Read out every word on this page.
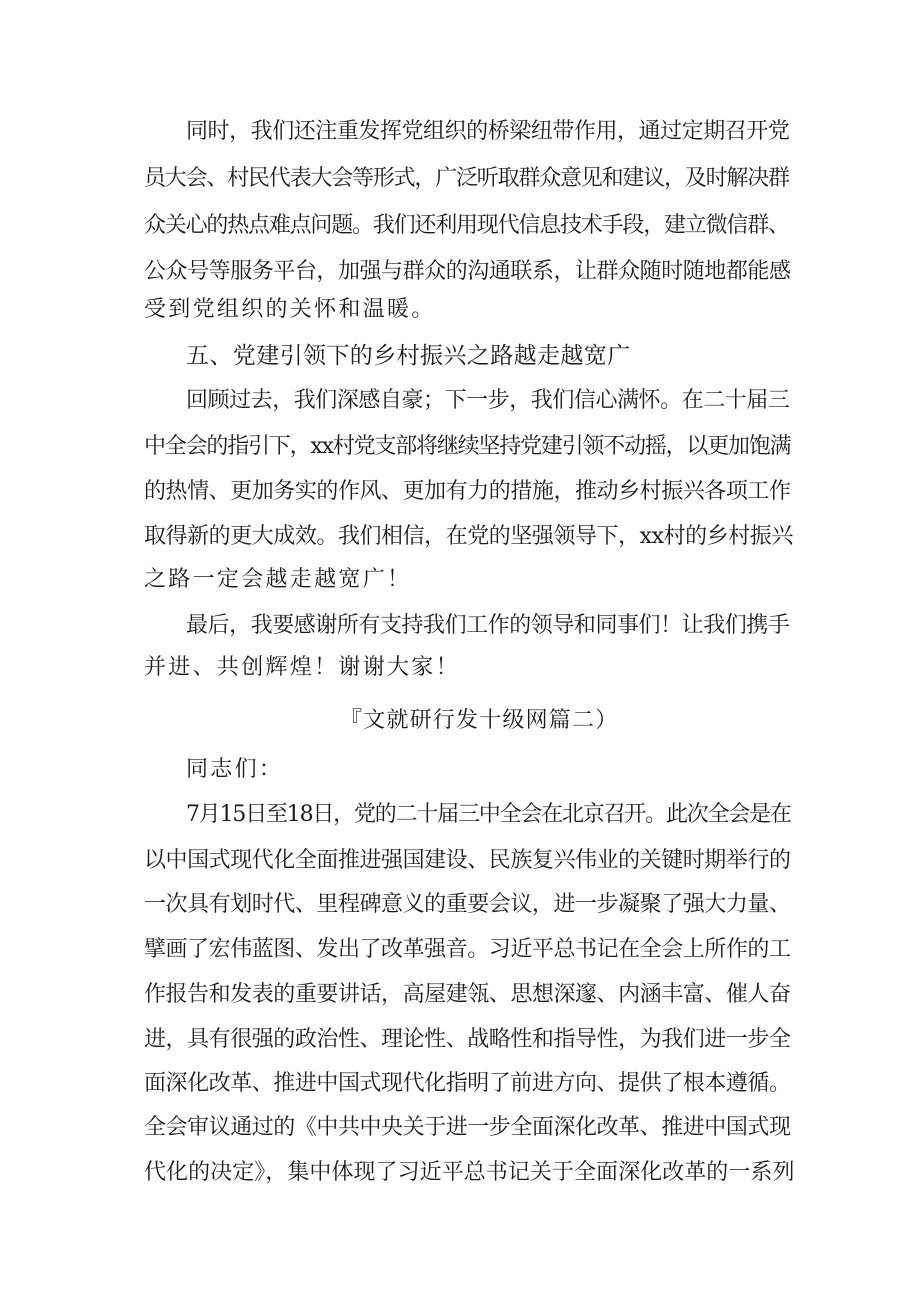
同时，我们还注重发挥党组织的桥梁纽带作用，通过定期召开党
员大会、村民代表大会等形式，广泛听取群众意见和建议，及时解决群
众关心的热点难点问题。我们还利用现代信息技术手段，建立微信群、
公众号等服务平台，加强与群众的沟通联系，让群众随时随地都能感
受到党组织的关怀和温暖。
五、党建引领下的乡村振兴之路越走越宽广
回顾过去，我们深感自豪；下一步，我们信心满怀。在二十届三
中全会的指引下，xx村党支部将继续坚持党建引领不动摇，以更加饱满
的热情、更加务实的作风、更加有力的措施，推动乡村振兴各项工作
取得新的更大成效。我们相信，在党的坚强领导下，xx村的乡村振兴
之路一定会越走越宽广！
最后，我要感谢所有支持我们工作的领导和同事们！让我们携手
并进、共创辉煌！谢谢大家！
『文就研行发十级网篇二）
同志们：
7月15日至18日，党的二十届三中全会在北京召开。此次全会是在
以中国式现代化全面推进强国建设、民族复兴伟业的关键时期举行的
一次具有划时代、里程碑意义的重要会议，进一步凝聚了强大力量、
擘画了宏伟蓝图、发出了改革强音。习近平总书记在全会上所作的工
作报告和发表的重要讲话，高屋建瓴、思想深邃、内涵丰富、催人奋
进，具有很强的政治性、理论性、战略性和指导性，为我们进一步全
面深化改革、推进中国式现代化指明了前进方向、提供了根本遵循。
全会审议通过的《中共中央关于进一步全面深化改革、推进中国式现
代化的决定》，集中体现了习近平总书记关于全面深化改革的一系列
